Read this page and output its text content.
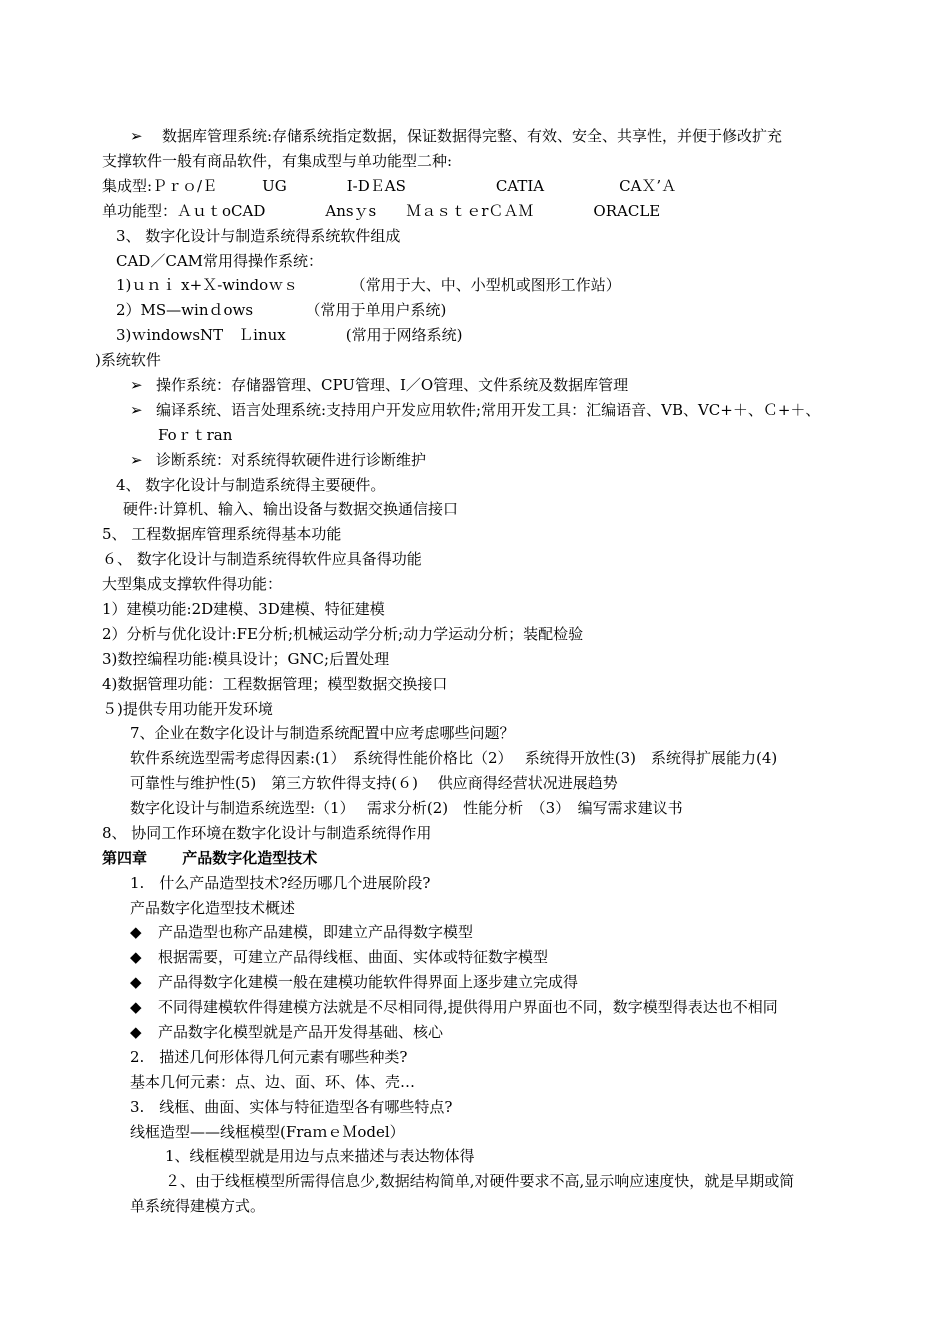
➢ 数据库管理系统:存储系统指定数据，保证数据得完整、有效、安全、共享性，并便于修改扩充
支撑软件一般有商品软件，有集成型与单功能型二种:
集成型:Ｐｒｏ/Ｅ　　　UG　　　　I-DＥAS　　　　　　CATIA　　　　　CAＸ’Ａ
单功能型：ＡｕｔoCAD　　　　Ansｙs　　ＭａｓｔｅrＣＡＭ　　　　ORACLE
3、 数字化设计与制造系统得系统软件组成
CAD／CAM常用得操作系统：
1)ｕｎｉ x+Ｘ-windoｗｓ　　　　（常用于大、中、小型机或图形工作站）
2）MS—winｄows　　　　（常用于单用户系统)
3)ｗindowsNT　Ｌinux　　　　(常用于网络系统)
)系统软件
➢ 操作系统：存储器管理、CPU管理、I／O管理、文件系统及数据库管理
➢ 编译系统、语言处理系统:支持用户开发应用软件;常用开发工具：汇编语音、VB、VC+＋、Ｃ+＋、
Foｒｔran
➢ 诊断系统：对系统得软硬件进行诊断维护
4、 数字化设计与制造系统得主要硬件。
硬件:计算机、输入、输出设备与数据交换通信接口
5、 工程数据库管理系统得基本功能
６、 数字化设计与制造系统得软件应具备得功能
大型集成支撑软件得功能：
1）建模功能:2D建模、3D建模、特征建模
2）分析与优化设计:FE分析;机械运动学分析;动力学运动分析；装配检验
3)数控编程功能:模具设计；GNC;后置处理
4)数据管理功能：工程数据管理；模型数据交换接口
５)提供专用功能开发环境
7、企业在数字化设计与制造系统配置中应考虑哪些问题？
软件系统选型需考虑得因素:(1）　系统得性能价格比（2）　 系统得开放性(3)　系统得扩展能力(4)
可靠性与维护性(5)　第三方软件得支持(６)　 供应商得经营状况进展趋势
数字化设计与制造系统选型:（1）　 需求分析(2)　性能分析　（3）　编写需求建议书
8、 协同工作环境在数字化设计与制造系统得作用
第四章　　 产品数字化造型技术
1.　什么产品造型技术?经历哪几个进展阶段?
产品数字化造型技术概述
◆ 产品造型也称产品建模，即建立产品得数字模型
◆ 根据需要，可建立产品得线框、曲面、实体或特征数字模型
◆ 产品得数字化建模一般在建模功能软件得界面上逐步建立完成得
◆ 不同得建模软件得建模方法就是不尽相同得,提供得用户界面也不同，数字模型得表达也不相同
◆ 产品数字化模型就是产品开发得基础、核心
2.　描述几何形体得几何元素有哪些种类?
基本几何元素：点、边、面、环、体、壳…
3.　线框、曲面、实体与特征造型各有哪些特点?
线框造型——线框模型(FraｍｅＭodel）
1、线框模型就是用边与点来描述与表达物体得
２、由于线框模型所需得信息少,数据结构简单,对硬件要求不高,显示响应速度快，就是早期或简
单系统得建模方式。
